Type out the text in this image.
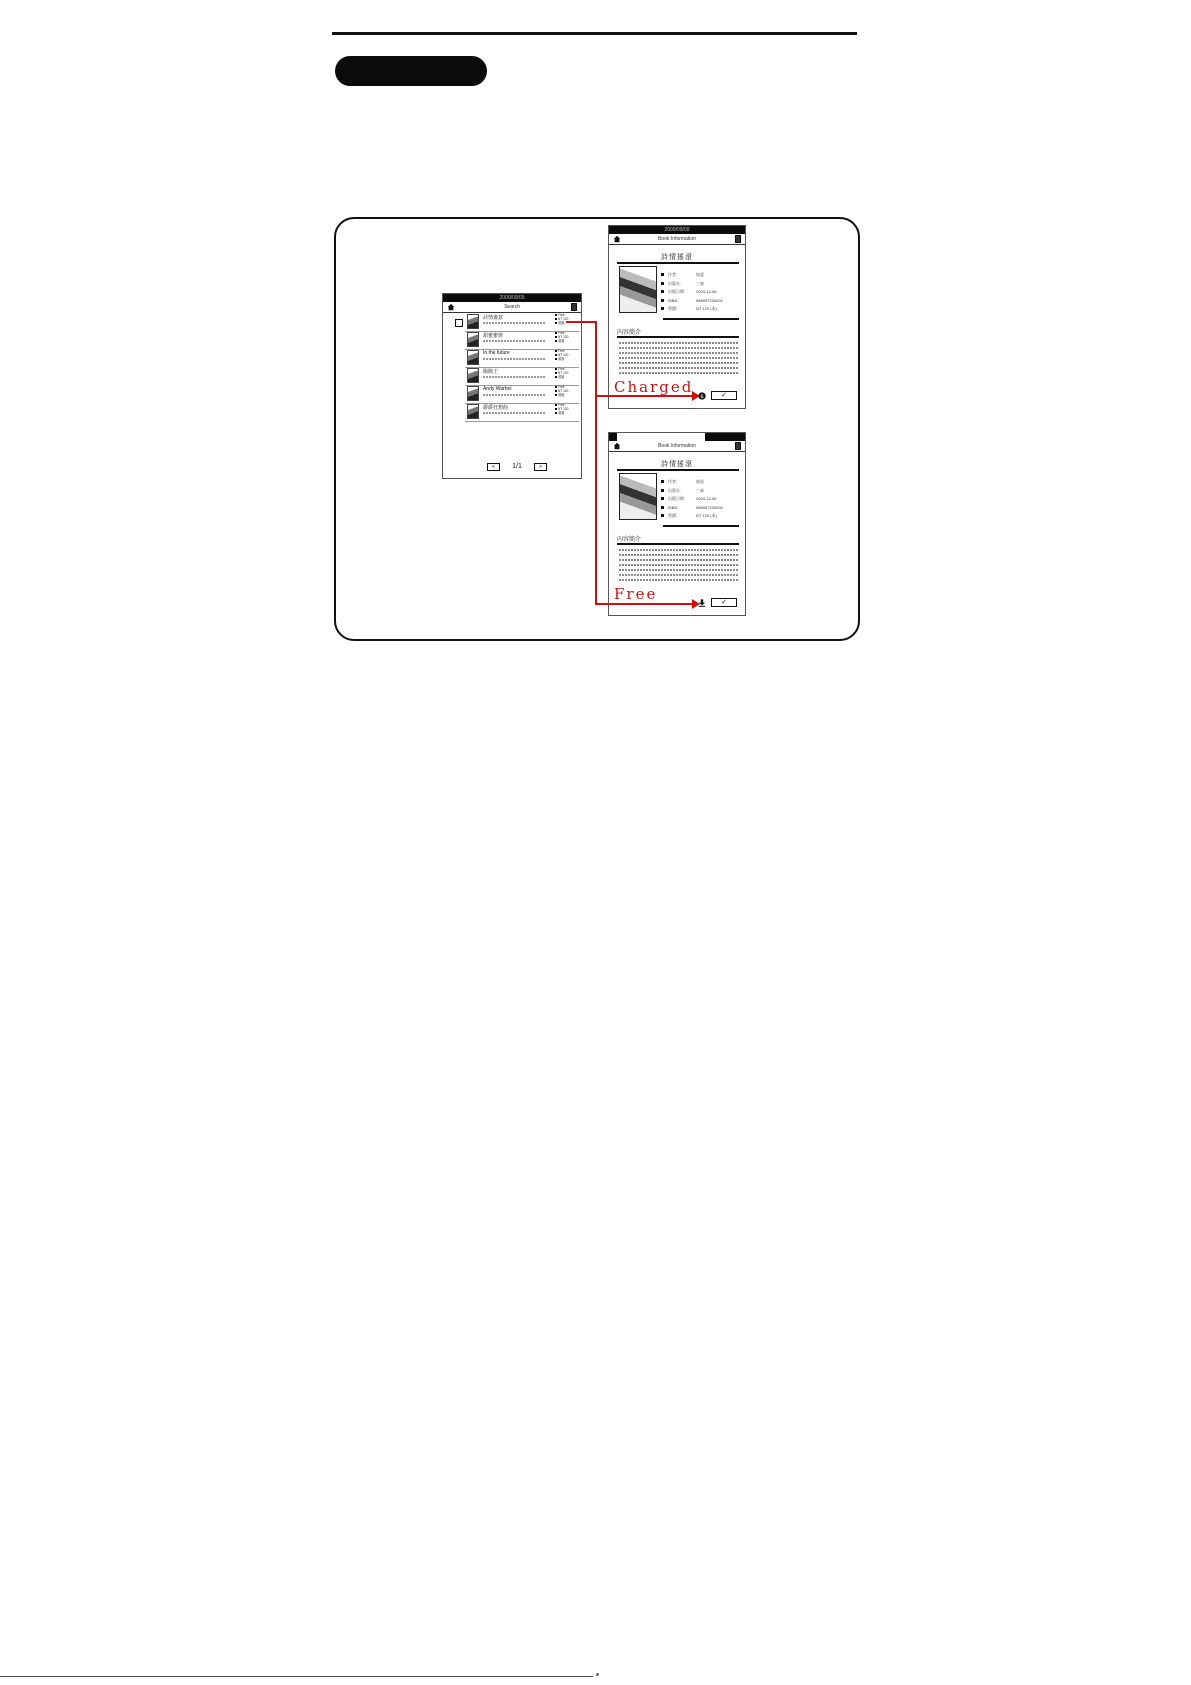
2009/09/09
Search
詩情畫意	Free
NT 120
書籍
甜蜜蜜戀	Free
NT 120
書籍
In the future	Free
NT 120
書籍
陽陽王	Free
NT 120
書籍
Andy Warhol	Free
NT 120
書籍
爵爵狂想曲	Free
NT 120
書籍
<	1/1	>
2009/09/09
Book Information
詩情搖滾
作者：	如意
出版社：	三泰
出版日期： 2004-12-06
ISBN：	986997290000
售價：	NT 120 (本)
內容簡介
$	✓
Book Information
詩情搖滾
作者：	如意
出版社：	三泰
出版日期： 2004-12-06
ISBN：	986997290000
售價：	NT 120 (本)
內容簡介
✓
Charged
Free
